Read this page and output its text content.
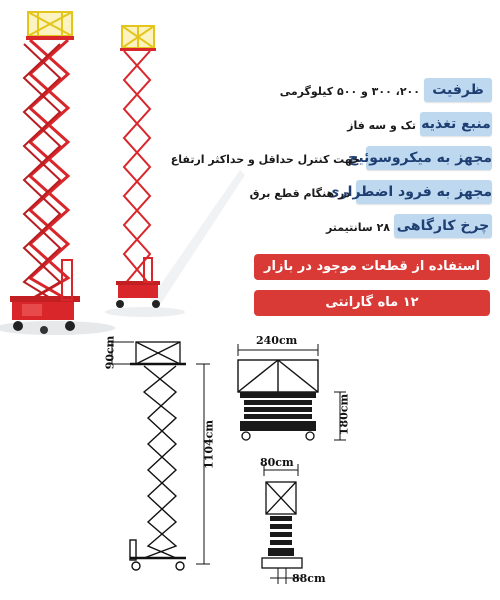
ظرفیت
۲۰۰، ۳۰۰ و ۵۰۰ کیلوگرمی
منبع تغذیه
تک و سه فاز
مجهز به میکروسوئیچ
جهت کنترل حداقل و حداکثر ارتفاع
مجهز به فرود اضطراری
در هنگام قطع برق
چرخ کارگاهی
۲۸ سانتیمتر
استفاده از قطعات موجود در بازار
۱۲ ماه گارانتی
90cm
1104cm
240cm
180cm
80cm
88cm
